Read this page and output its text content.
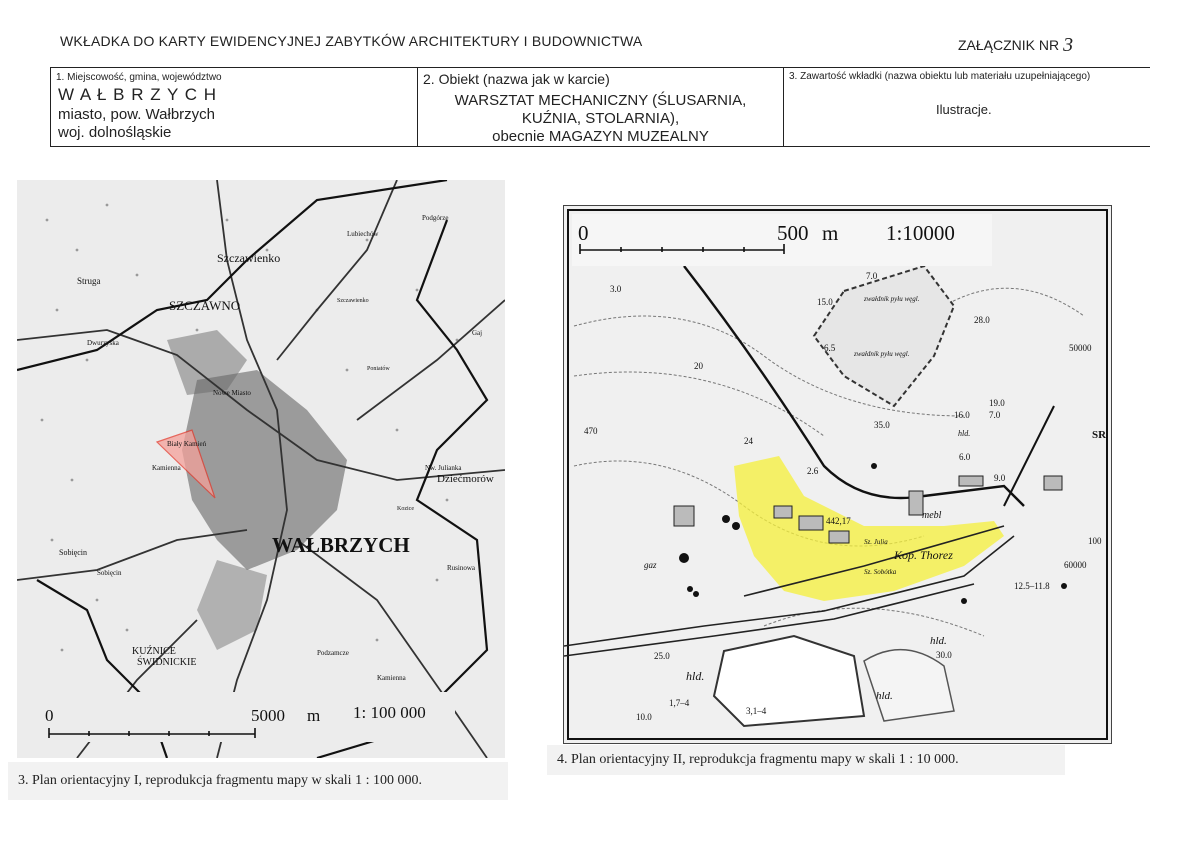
WKŁADKA DO KARTY EWIDENCYJNEJ ZABYTKÓW ARCHITEKTURY I BUDOWNICTWA	ZAŁĄCZNIK NR 3
1. Miejscowość, gmina, województwo
W A Ł B R Z Y C H
miasto, pow. Wałbrzych
woj. dolnośląskie
2. Obiekt (nazwa jak w karcie)
WARSZTAT MECHANICZNY (ŚLUSARNIA,
KUŹNIA, STOLARNIA),
obecnie MAGAZYN MUZEALNY
3. Zawartość wkładki (nazwa obiektu lub materiału uzupełniającego)
Ilustracje.
WAŁBRZYCH
SZCZAWNO
Szczawienko
Dziećmorów
KUŹNICE
ŚWIDNICKIE
Struga
Lubiechów
Podgórze
Poniatów
Sobięcin
Rusinowa
Biały Kamień
Kamienna
Nowe Miasto
Podzamcze
Kozice
Gaj
Dwurzyska
Sobięcin
Nw. Julianka
Kamienna
Szczawienko
0	5000 m 1: 100 000
3. Plan orientacyjny I, reprodukcja fragmentu mapy w skali 1 : 100 000.
0	500 m 1:10000
Kop. Thorez
Sz. Julia
Sz. Sobótka
442,17
hld.
hld.
hld.
hld.
mebl
SR
gaz
zwałdnik pyłu węgl.
zwałdnik pyłu węgl.
7.0
15.0
6.5
28.0
35.0
19.0
16.0 7.0
25.0	30.0
10.0
3.0
20
12.5–11.8
3,1–4
1,7–4
60000
50000
9.0
6.0
2.6
24
470
100
4. Plan orientacyjny II, reprodukcja fragmentu mapy w skali 1 : 10 000.
